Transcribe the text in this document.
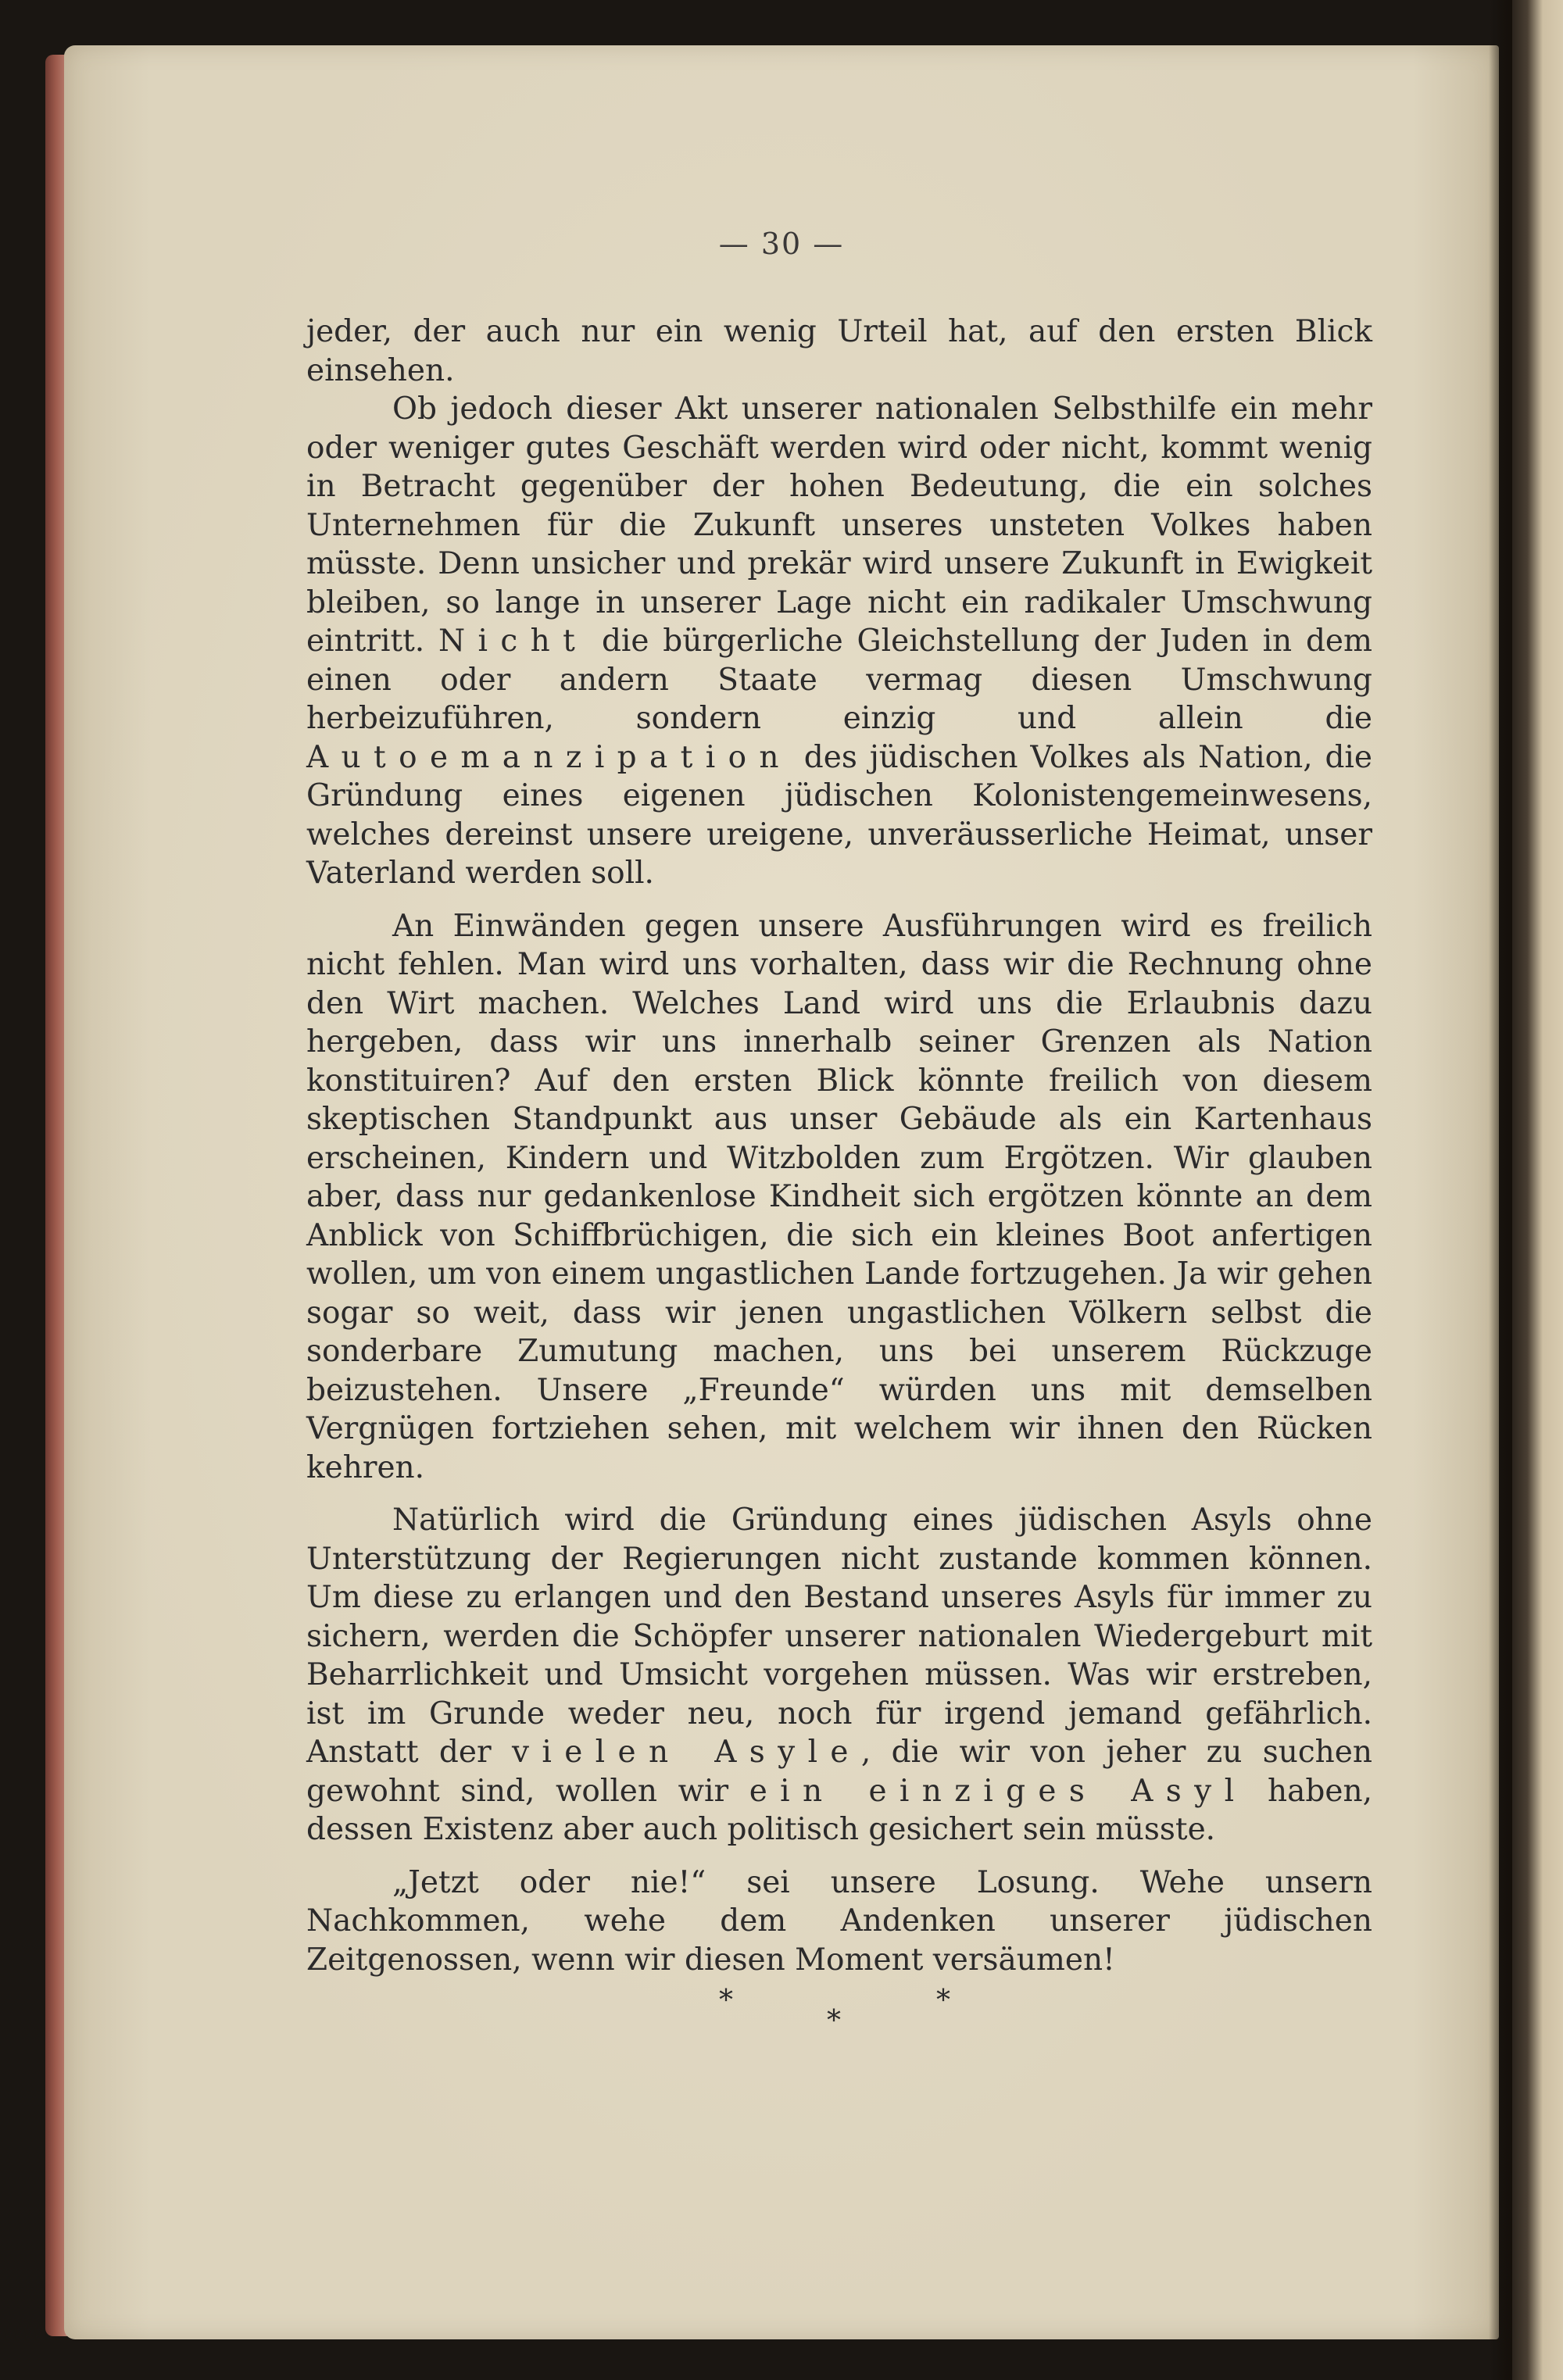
— 30 —

jeder, der auch nur ein wenig Urteil hat, auf den ersten Blick einsehen.

Ob jedoch dieser Akt unserer nationalen Selbsthilfe ein mehr oder weniger gutes Geschäft werden wird oder nicht, kommt wenig in Betracht gegenüber der hohen Bedeutung, die ein solches Unternehmen für die Zukunft unseres unsteten Volkes haben müsste. Denn unsicher und prekär wird unsere Zukunft in Ewigkeit bleiben, so lange in unserer Lage nicht ein radikaler Umschwung eintritt. Nicht die bürgerliche Gleichstellung der Juden in dem einen oder andern Staate vermag diesen Umschwung herbeizuführen, sondern einzig und allein die Autoemanzipation des jüdischen Volkes als Nation, die Gründung eines eigenen jüdischen Kolonistengemeinwesens, welches dereinst unsere ureigene, unveräusserliche Heimat, unser Vaterland werden soll.

An Einwänden gegen unsere Ausführungen wird es freilich nicht fehlen. Man wird uns vorhalten, dass wir die Rechnung ohne den Wirt machen. Welches Land wird uns die Erlaubnis dazu hergeben, dass wir uns innerhalb seiner Grenzen als Nation konstituiren? Auf den ersten Blick könnte freilich von diesem skeptischen Standpunkt aus unser Gebäude als ein Kartenhaus erscheinen, Kindern und Witzbolden zum Ergötzen. Wir glauben aber, dass nur gedankenlose Kindheit sich ergötzen könnte an dem Anblick von Schiffbrüchigen, die sich ein kleines Boot anfertigen wollen, um von einem ungastlichen Lande fortzugehen. Ja wir gehen sogar so weit, dass wir jenen ungastlichen Völkern selbst die sonderbare Zumutung machen, uns bei unserem Rückzuge beizustehen. Unsere „Freunde“ würden uns mit demselben Vergnügen fortziehen sehen, mit welchem wir ihnen den Rücken kehren.

Natürlich wird die Gründung eines jüdischen Asyls ohne Unterstützung der Regierungen nicht zustande kommen können. Um diese zu erlangen und den Bestand unseres Asyls für immer zu sichern, werden die Schöpfer unserer nationalen Wiedergeburt mit Beharrlichkeit und Umsicht vorgehen müssen. Was wir erstreben, ist im Grunde weder neu, noch für irgend jemand gefährlich. Anstatt der vielen Asyle, die wir von jeher zu suchen gewohnt sind, wollen wir ein einziges Asyl haben, dessen Existenz aber auch politisch gesichert sein müsste.

„Jetzt oder nie!“ sei unsere Losung. Wehe unsern Nachkommen, wehe dem Andenken unserer jüdischen Zeitgenossen, wenn wir diesen Moment versäumen!

*
*
*
